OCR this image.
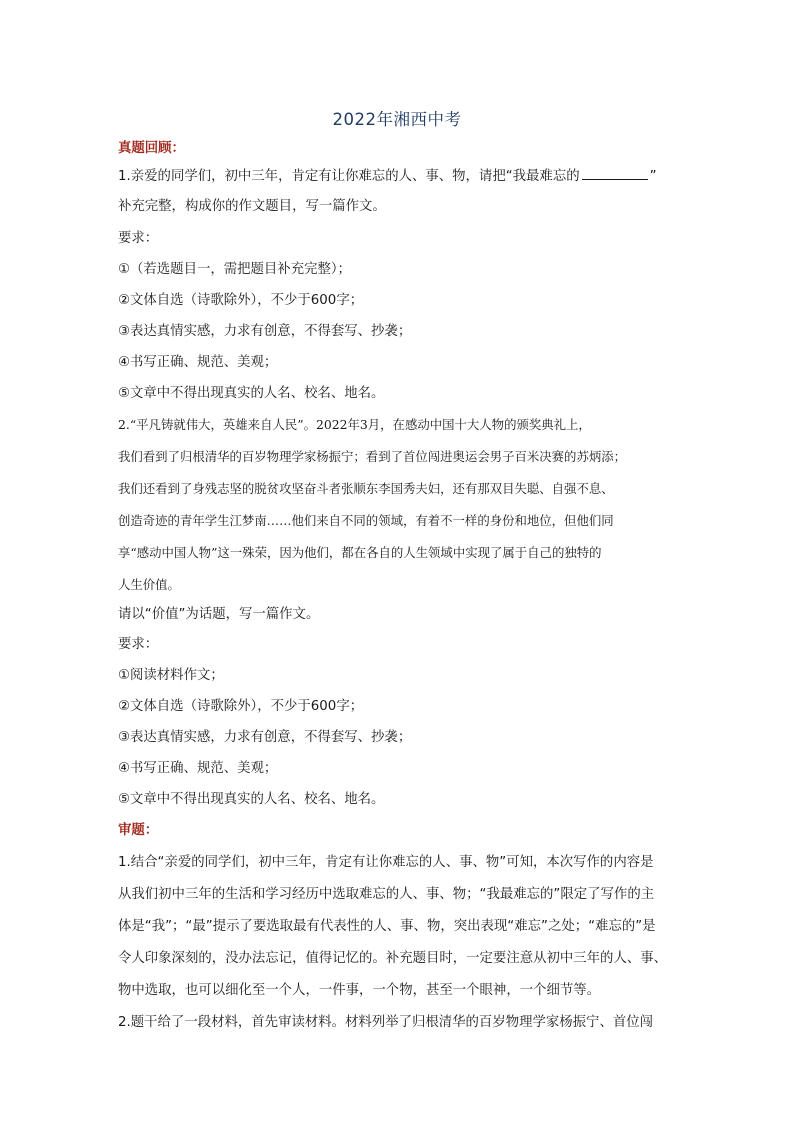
2022年湘西中考
真题回顾：
1.亲爱的同学们，初中三年，肯定有让你难忘的人、事、物，请把“我最难忘的	”
补充完整，构成你的作文题目，写一篇作文。
要求：
①（若选题目一，需把题目补充完整）；
②文体自选（诗歌除外），不少于600字；
③表达真情实感，力求有创意，不得套写、抄袭；
④书写正确、规范、美观；
⑤文章中不得出现真实的人名、校名、地名。
2.“平凡铸就伟大，英雄来自人民”。2022年3月，在感动中国十大人物的颁奖典礼上，
我们看到了归根清华的百岁物理学家杨振宁；看到了首位闯进奥运会男子百米决赛的苏炳添；
我们还看到了身残志坚的脱贫攻坚奋斗者张顺东李国秀夫妇，还有那双目失聪、自强不息、
创造奇迹的青年学生江梦南……他们来自不同的领域，有着不一样的身份和地位，但他们同
享“感动中国人物”这一殊荣，因为他们，都在各自的人生领域中实现了属于自己的独特的
人生价值。
请以“价值”为话题，写一篇作文。
要求：
①阅读材料作文；
②文体自选（诗歌除外），不少于600字；
③表达真情实感，力求有创意，不得套写、抄袭；
④书写正确、规范、美观；
⑤文章中不得出现真实的人名、校名、地名。
审题：
1.结合“亲爱的同学们，初中三年，肯定有让你难忘的人、事、物”可知，本次写作的内容是
从我们初中三年的生活和学习经历中选取难忘的人、事、物；“我最难忘的”限定了写作的主
体是“我”；“最”提示了要选取最有代表性的人、事、物，突出表现“难忘”之处；“难忘的”是
令人印象深刻的，没办法忘记，值得记忆的。补充题目时，一定要注意从初中三年的人、事、
物中选取，也可以细化至一个人，一件事，一个物，甚至一个眼神，一个细节等。
2.题干给了一段材料，首先审读材料。材料列举了归根清华的百岁物理学家杨振宁、首位闯
